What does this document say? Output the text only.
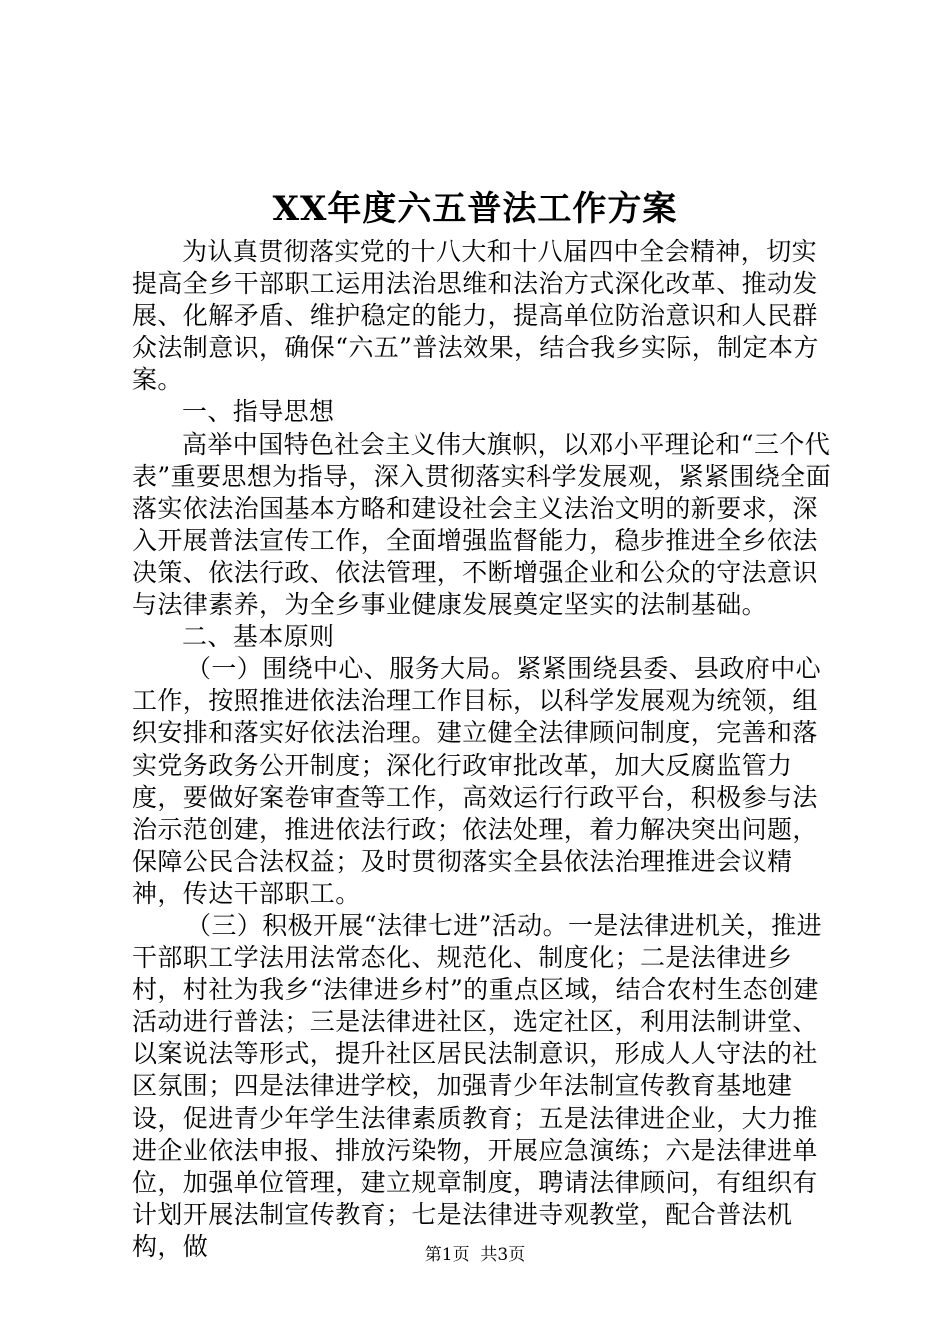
XX年度六五普法工作方案

为认真贯彻落实党的十八大和十八届四中全会精神，切实提高全乡干部职工运用法治思维和法治方式深化改革、推动发展、化解矛盾、维护稳定的能力，提高单位防治意识和人民群众法制意识，确保“六五”普法效果，结合我乡实际，制定本方案。

一、指导思想

高举中国特色社会主义伟大旗帜，以邓小平理论和“三个代表”重要思想为指导，深入贯彻落实科学发展观，紧紧围绕全面落实依法治国基本方略和建设社会主义法治文明的新要求，深入开展普法宣传工作，全面增强监督能力，稳步推进全乡依法决策、依法行政、依法管理，不断增强企业和公众的守法意识与法律素养，为全乡事业健康发展奠定坚实的法制基础。

二、基本原则

（一）围绕中心、服务大局。紧紧围绕县委、县政府中心工作，按照推进依法治理工作目标，以科学发展观为统领，组织安排和落实好依法治理。建立健全法律顾问制度，完善和落实党务政务公开制度；深化行政审批改革，加大反腐监管力度，要做好案卷审查等工作，高效运行行政平台，积极参与法治示范创建，推进依法行政；依法处理，着力解决突出问题，保障公民合法权益；及时贯彻落实全县依法治理推进会议精神，传达干部职工。

（三）积极开展“法律七进”活动。一是法律进机关，推进干部职工学法用法常态化、规范化、制度化；二是法律进乡村，村社为我乡“法律进乡村”的重点区域，结合农村生态创建活动进行普法；三是法律进社区，选定社区，利用法制讲堂、以案说法等形式，提升社区居民法制意识，形成人人守法的社区氛围；四是法律进学校，加强青少年法制宣传教育基地建设，促进青少年学生法律素质教育；五是法律进企业，大力推进企业依法申报、排放污染物，开展应急演练；六是法律进单位，加强单位管理，建立规章制度，聘请法律顾问，有组织有计划开展法制宣传教育；七是法律进寺观教堂，配合普法机构，做	第1页 共3页
